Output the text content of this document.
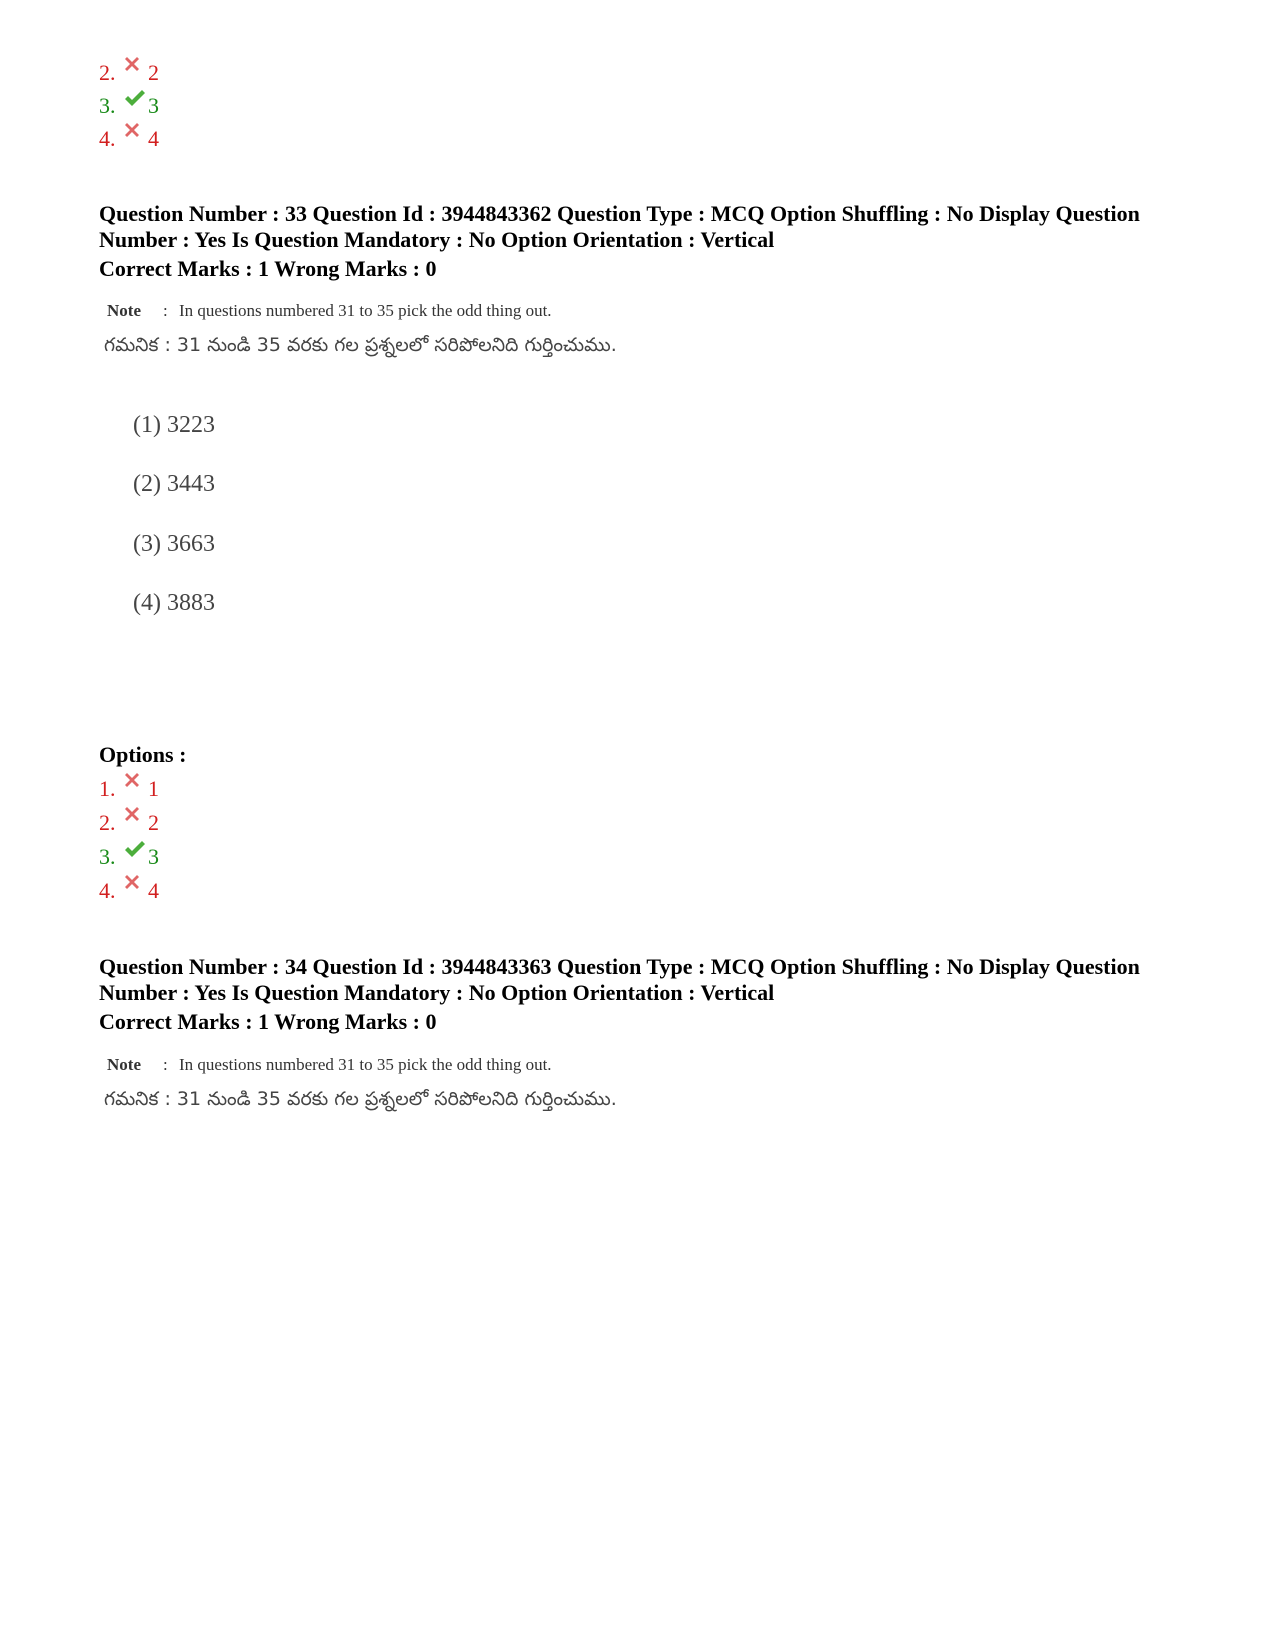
2. 2
3. 3
4. 4
Question Number : 33 Question Id : 3944843362 Question Type : MCQ Option Shuffling : No Display Question Number : Yes Is Question Mandatory : No Option Orientation : Vertical
Correct Marks : 1 Wrong Marks : 0
Note : In questions numbered 31 to 35 pick the odd thing out.
గమనిక : 31 నుండి 35 వరకు గల ప్రశ్నలలో సరిపోలనిది గుర్తించుము.
(1) 3223
(2) 3443
(3) 3663
(4) 3883
Options :
1. 1
2. 2
3. 3
4. 4
Question Number : 34 Question Id : 3944843363 Question Type : MCQ Option Shuffling : No Display Question Number : Yes Is Question Mandatory : No Option Orientation : Vertical
Correct Marks : 1 Wrong Marks : 0
Note : In questions numbered 31 to 35 pick the odd thing out.
గమనిక : 31 నుండి 35 వరకు గల ప్రశ్నలలో సరిపోలనిది గుర్తించుము.
